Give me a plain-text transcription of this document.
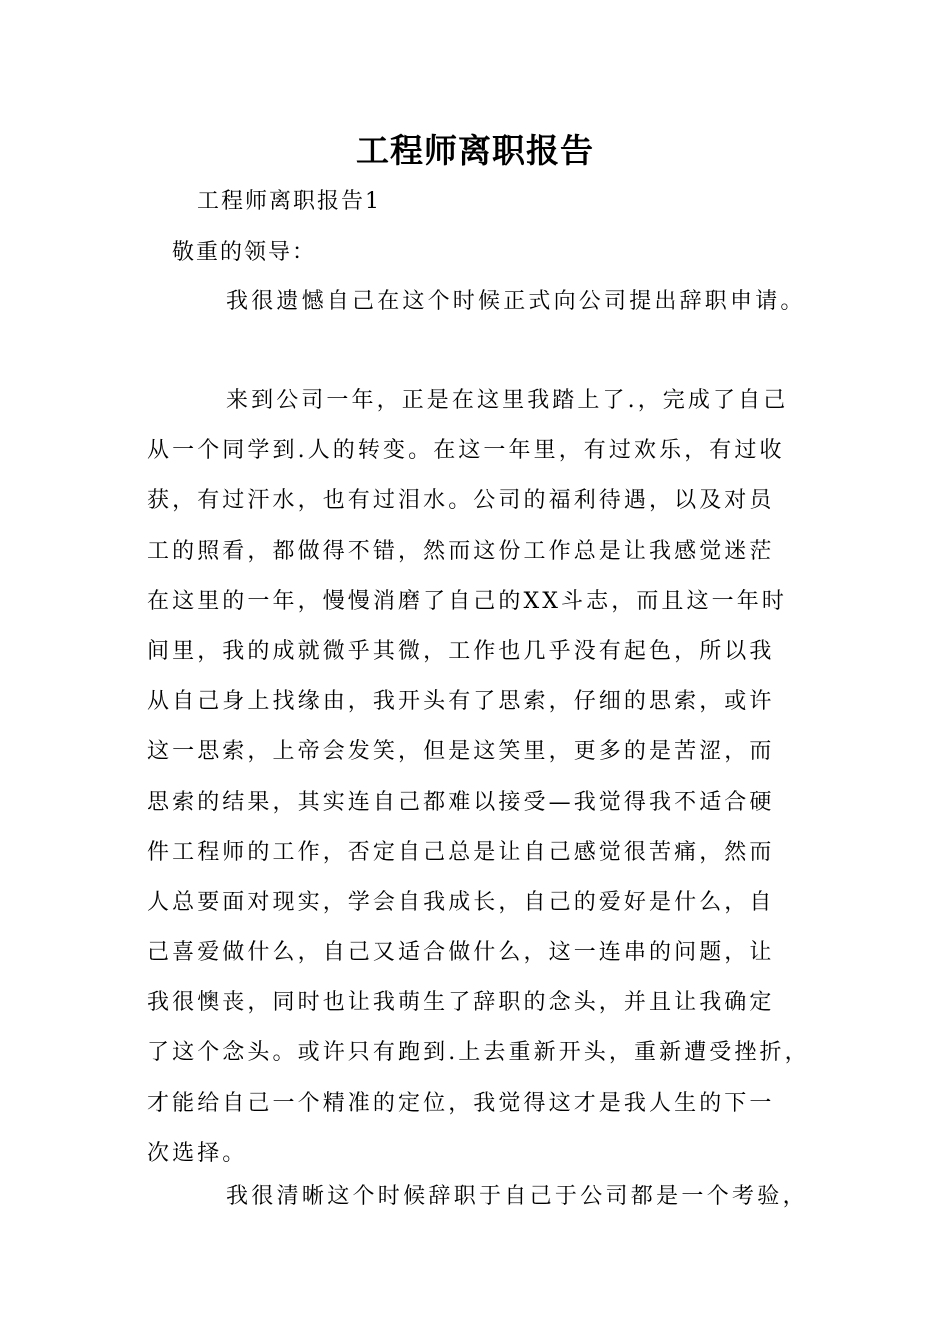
工程师离职报告
工程师离职报告1
敬重的领导：
我很遗憾自己在这个时候正式向公司提出辞职申请。
来到公司一年，正是在这里我踏上了.，完成了自己
从一个同学到.人的转变。在这一年里，有过欢乐，有过收
获，有过汗水，也有过泪水。公司的福利待遇，以及对员
工的照看，都做得不错，然而这份工作总是让我感觉迷茫
在这里的一年，慢慢消磨了自己的XX斗志，而且这一年时
间里，我的成就微乎其微，工作也几乎没有起色，所以我
从自己身上找缘由，我开头有了思索，仔细的思索，或许
这一思索，上帝会发笑，但是这笑里，更多的是苦涩，而
思索的结果，其实连自己都难以接受—我觉得我不适合硬
件工程师的工作，否定自己总是让自己感觉很苦痛，然而
人总要面对现实，学会自我成长，自己的爱好是什么，自
己喜爱做什么，自己又适合做什么，这一连串的问题，让
我很懊丧，同时也让我萌生了辞职的念头，并且让我确定
了这个念头。或许只有跑到.上去重新开头，重新遭受挫折，
才能给自己一个精准的定位，我觉得这才是我人生的下一
次选择。
我很清晰这个时候辞职于自己于公司都是一个考验，
